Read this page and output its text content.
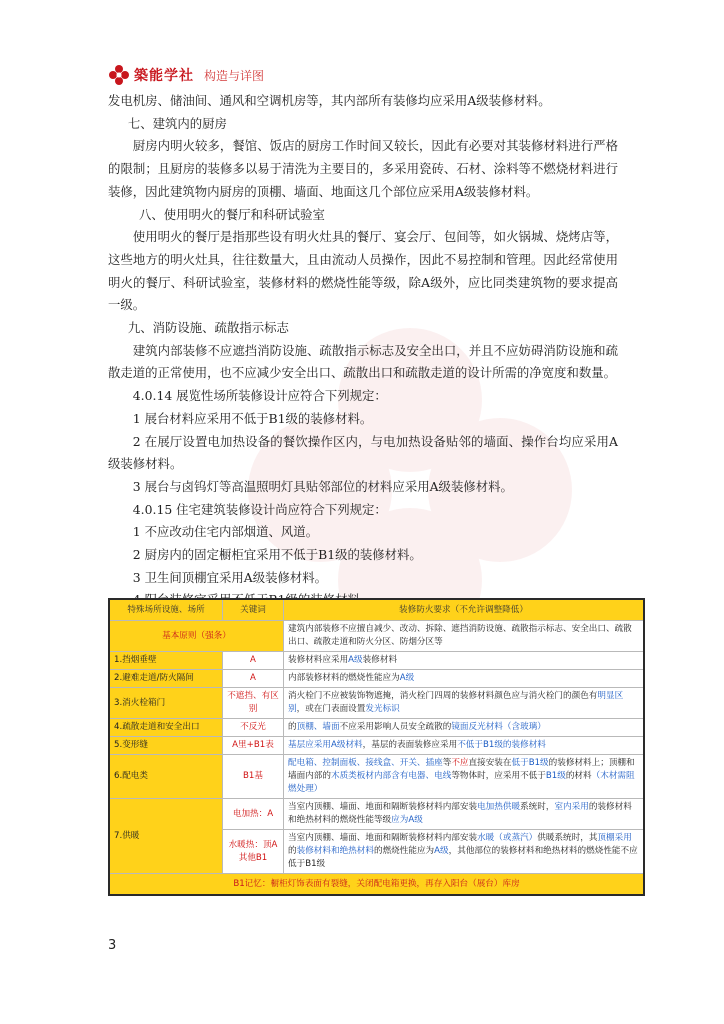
築能学社 构造与详图

发电机房、储油间、通风和空调机房等，其内部所有装修均应采用A级装修材料。

七、建筑内的厨房

厨房内明火较多，餐馆、饭店的厨房工作时间又较长，因此有必要对其装修材料进行严格的限制；且厨房的装修多以易于清洗为主要目的，多采用瓷砖、石材、涂料等不燃烧材料进行装修，因此建筑物内厨房的顶棚、墙面、地面这几个部位应采用A级装修材料。

八、使用明火的餐厅和科研试验室

使用明火的餐厅是指那些设有明火灶具的餐厅、宴会厅、包间等，如火锅城、烧烤店等，这些地方的明火灶具，往往数量大，且由流动人员操作，因此不易控制和管理。因此经常使用明火的餐厅、科研试验室，装修材料的燃烧性能等级，除A级外，应比同类建筑物的要求提高一级。

九、消防设施、疏散指示标志

建筑内部装修不应遮挡消防设施、疏散指示标志及安全出口，并且不应妨碍消防设施和疏散走道的正常使用，也不应减少安全出口、疏散出口和疏散走道的设计所需的净宽度和数量。

4.0.14 展览性场所装修设计应符合下列规定：

1 展台材料应采用不低于B1级的装修材料。

2 在展厅设置电加热设备的餐饮操作区内，与电加热设备贴邻的墙面、操作台均应采用A级装修材料。

3 展台与卤钨灯等高温照明灯具贴邻部位的材料应采用A级装修材料。

4.0.15 住宅建筑装修设计尚应符合下列规定：

1 不应改动住宅内部烟道、风道。

2 厨房内的固定橱柜宜采用不低于B1级的装修材料。

3 卫生间顶棚宜采用A级装修材料。

特殊场所设施、场所	关键词	装修防火要求（不允许调整降低）
基本原则（强条）		建筑内部装修不应擅自减少、改动、拆除、遮挡消防设施、疏散指示标志、安全出口、疏散出口、疏散走道和防火分区、防烟分区等
1.挡烟垂壁	A	装修材料应采用A级装修材料
2.避难走道/防火隔间	A	内部装修材料的燃烧性能应为A级
3.消火栓箱门	不遮挡、有区别	消火栓门不应被装饰物遮掩，消火栓门四周的装修材料颜色应与消火栓门的颜色有明显区别，或在门表面设置发光标识
4.疏散走道和安全出口	不反光	的顶棚、墙面不应采用影响人员安全疏散的镜面反光材料（含玻璃）
5.变形缝	A里+B1表	基层应采用A级材料，基层的表面装修应采用不低于B1级的装修材料
6.配电类	B1基	配电箱、控制面板、接线盒、开关、插座等不应直接安装在低于B1级的装修材料上；顶棚和墙面内部的木质类板材内部含有电器、电线等物体时，应采用不低于B1级的材料（木材需阻燃处理）
7.供暖	电加热：A	当室内顶棚、墙面、地面和隔断装修材料内部安装电加热供暖系统时，室内采用的装修材料和绝热材料的燃烧性能等级应为A级
	水暖热：顶A其他B1	当室内顶棚、墙面、地面和隔断装修材料内部安装水暖（或蒸汽）供暖系统时，其顶棚采用的装修材料和绝热材料的燃烧性能应为A级，其他部位的装修材料和绝热材料的燃烧性能不应低于B1级
B1记忆：橱柜灯饰表面有裂缝，关闭配电箱更换，再存入阳台（展台）库房		
3
